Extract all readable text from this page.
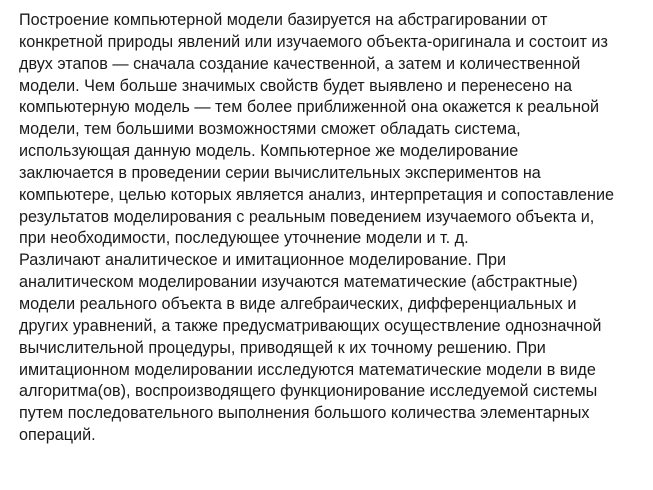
Построение компьютерной модели базируется на абстрагировании от
конкретной природы явлений или изучаемого объекта-оригинала и состоит из
двух этапов — сначала создание качественной, а затем и количественной
модели. Чем больше значимых свойств будет выявлено и перенесено на
компьютерную модель — тем более приближенной она окажется к реальной
модели, тем большими возможностями сможет обладать система,
использующая данную модель. Компьютерное же моделирование
заключается в проведении серии вычислительных экспериментов на
компьютере, целью которых является анализ, интерпретация и сопоставление
результатов моделирования с реальным поведением изучаемого объекта и,
при необходимости, последующее уточнение модели и т. д.
Различают аналитическое и имитационное моделирование. При
аналитическом моделировании изучаются математические (абстрактные)
модели реального объекта в виде алгебраических, дифференциальных и
других уравнений, а также предусматривающих осуществление однозначной
вычислительной процедуры, приводящей к их точному решению. При
имитационном моделировании исследуются математические модели в виде
алгоритма(ов), воспроизводящего функционирование исследуемой системы
путем последовательного выполнения большого количества элементарных
операций.
